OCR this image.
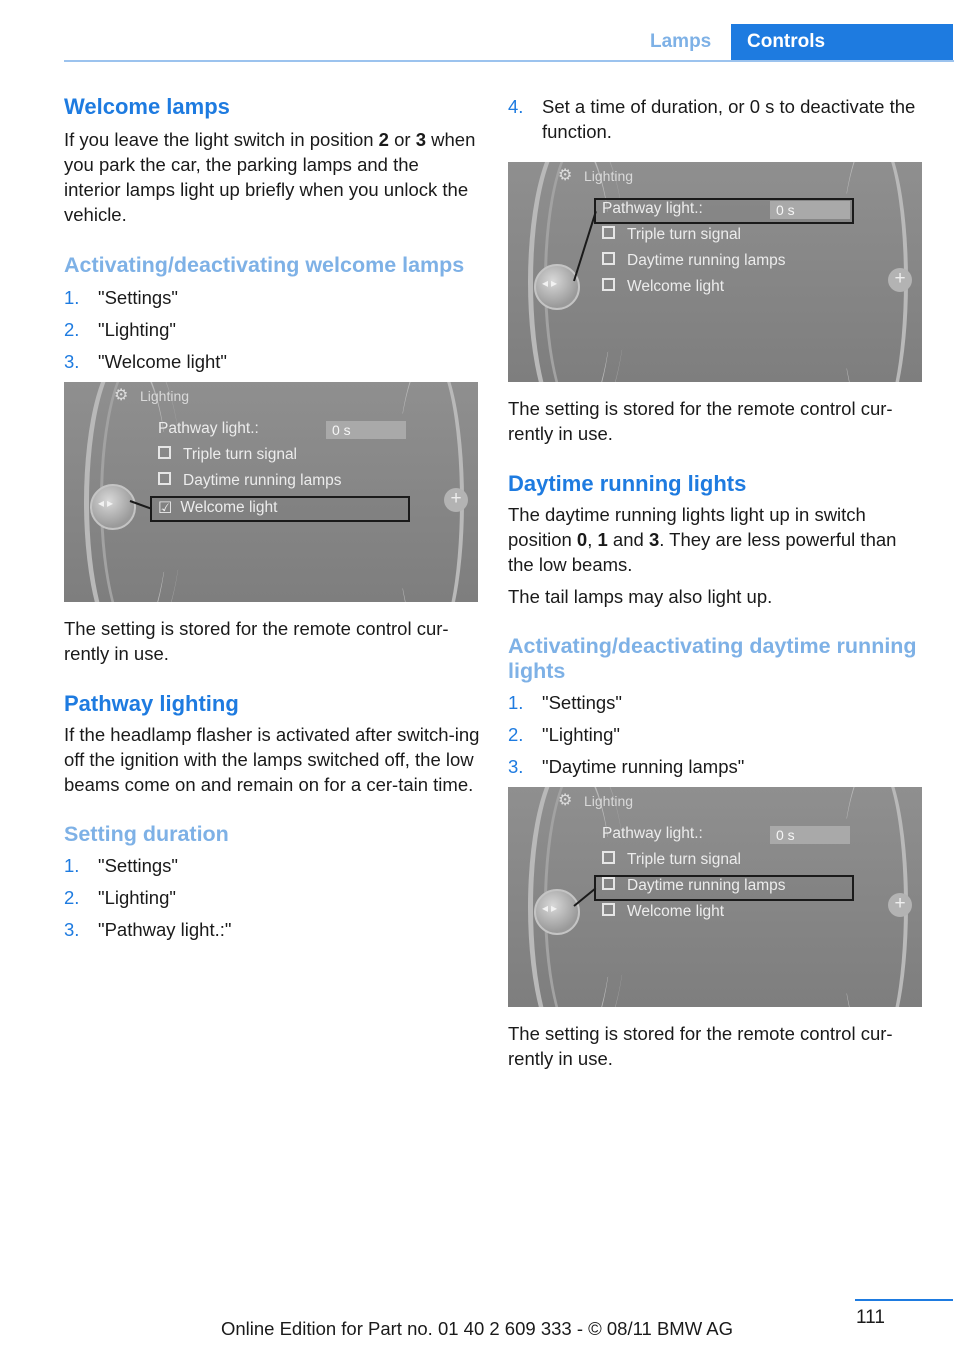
Lamps Controls
Welcome lamps

If you leave the light switch in position 2 or 3 when you park the car, the parking lamps and the interior lamps light up briefly when you unlock the vehicle.

Activating/deactivating welcome lamps
1. "Settings"
2. "Lighting"
3. "Welcome light"
⚙ Lighting
Pathway light.:	0 s
Triple turn signal
Daytime running lamps
☑ Welcome light
◂▸	+

The setting is stored for the remote control cur-rently in use.

Pathway lighting

If the headlamp flasher is activated after switch-ing off the ignition with the lamps switched off, the low beams come on and remain on for a cer-tain time.

Setting duration
1. "Settings"
2. "Lighting"
3. "Pathway light.:"
4. Set a time of duration, or 0 s to deactivate the function.
⚙ Lighting
Pathway light.:	0 s
Triple turn signal
Daytime running lamps
Welcome light
◂▸	+

The setting is stored for the remote control cur-rently in use.

Daytime running lights

The daytime running lights light up in switch position 0, 1 and 3. They are less powerful than the low beams.

The tail lamps may also light up.

Activating/deactivating daytime running lights
1. "Settings"
2. "Lighting"
3. "Daytime running lamps"
⚙ Lighting
Pathway light.:	0 s
Triple turn signal
Daytime running lamps
Welcome light
◂▸	+

The setting is stored for the remote control cur-rently in use.

111
Online Edition for Part no. 01 40 2 609 333 - © 08/11 BMW AG
